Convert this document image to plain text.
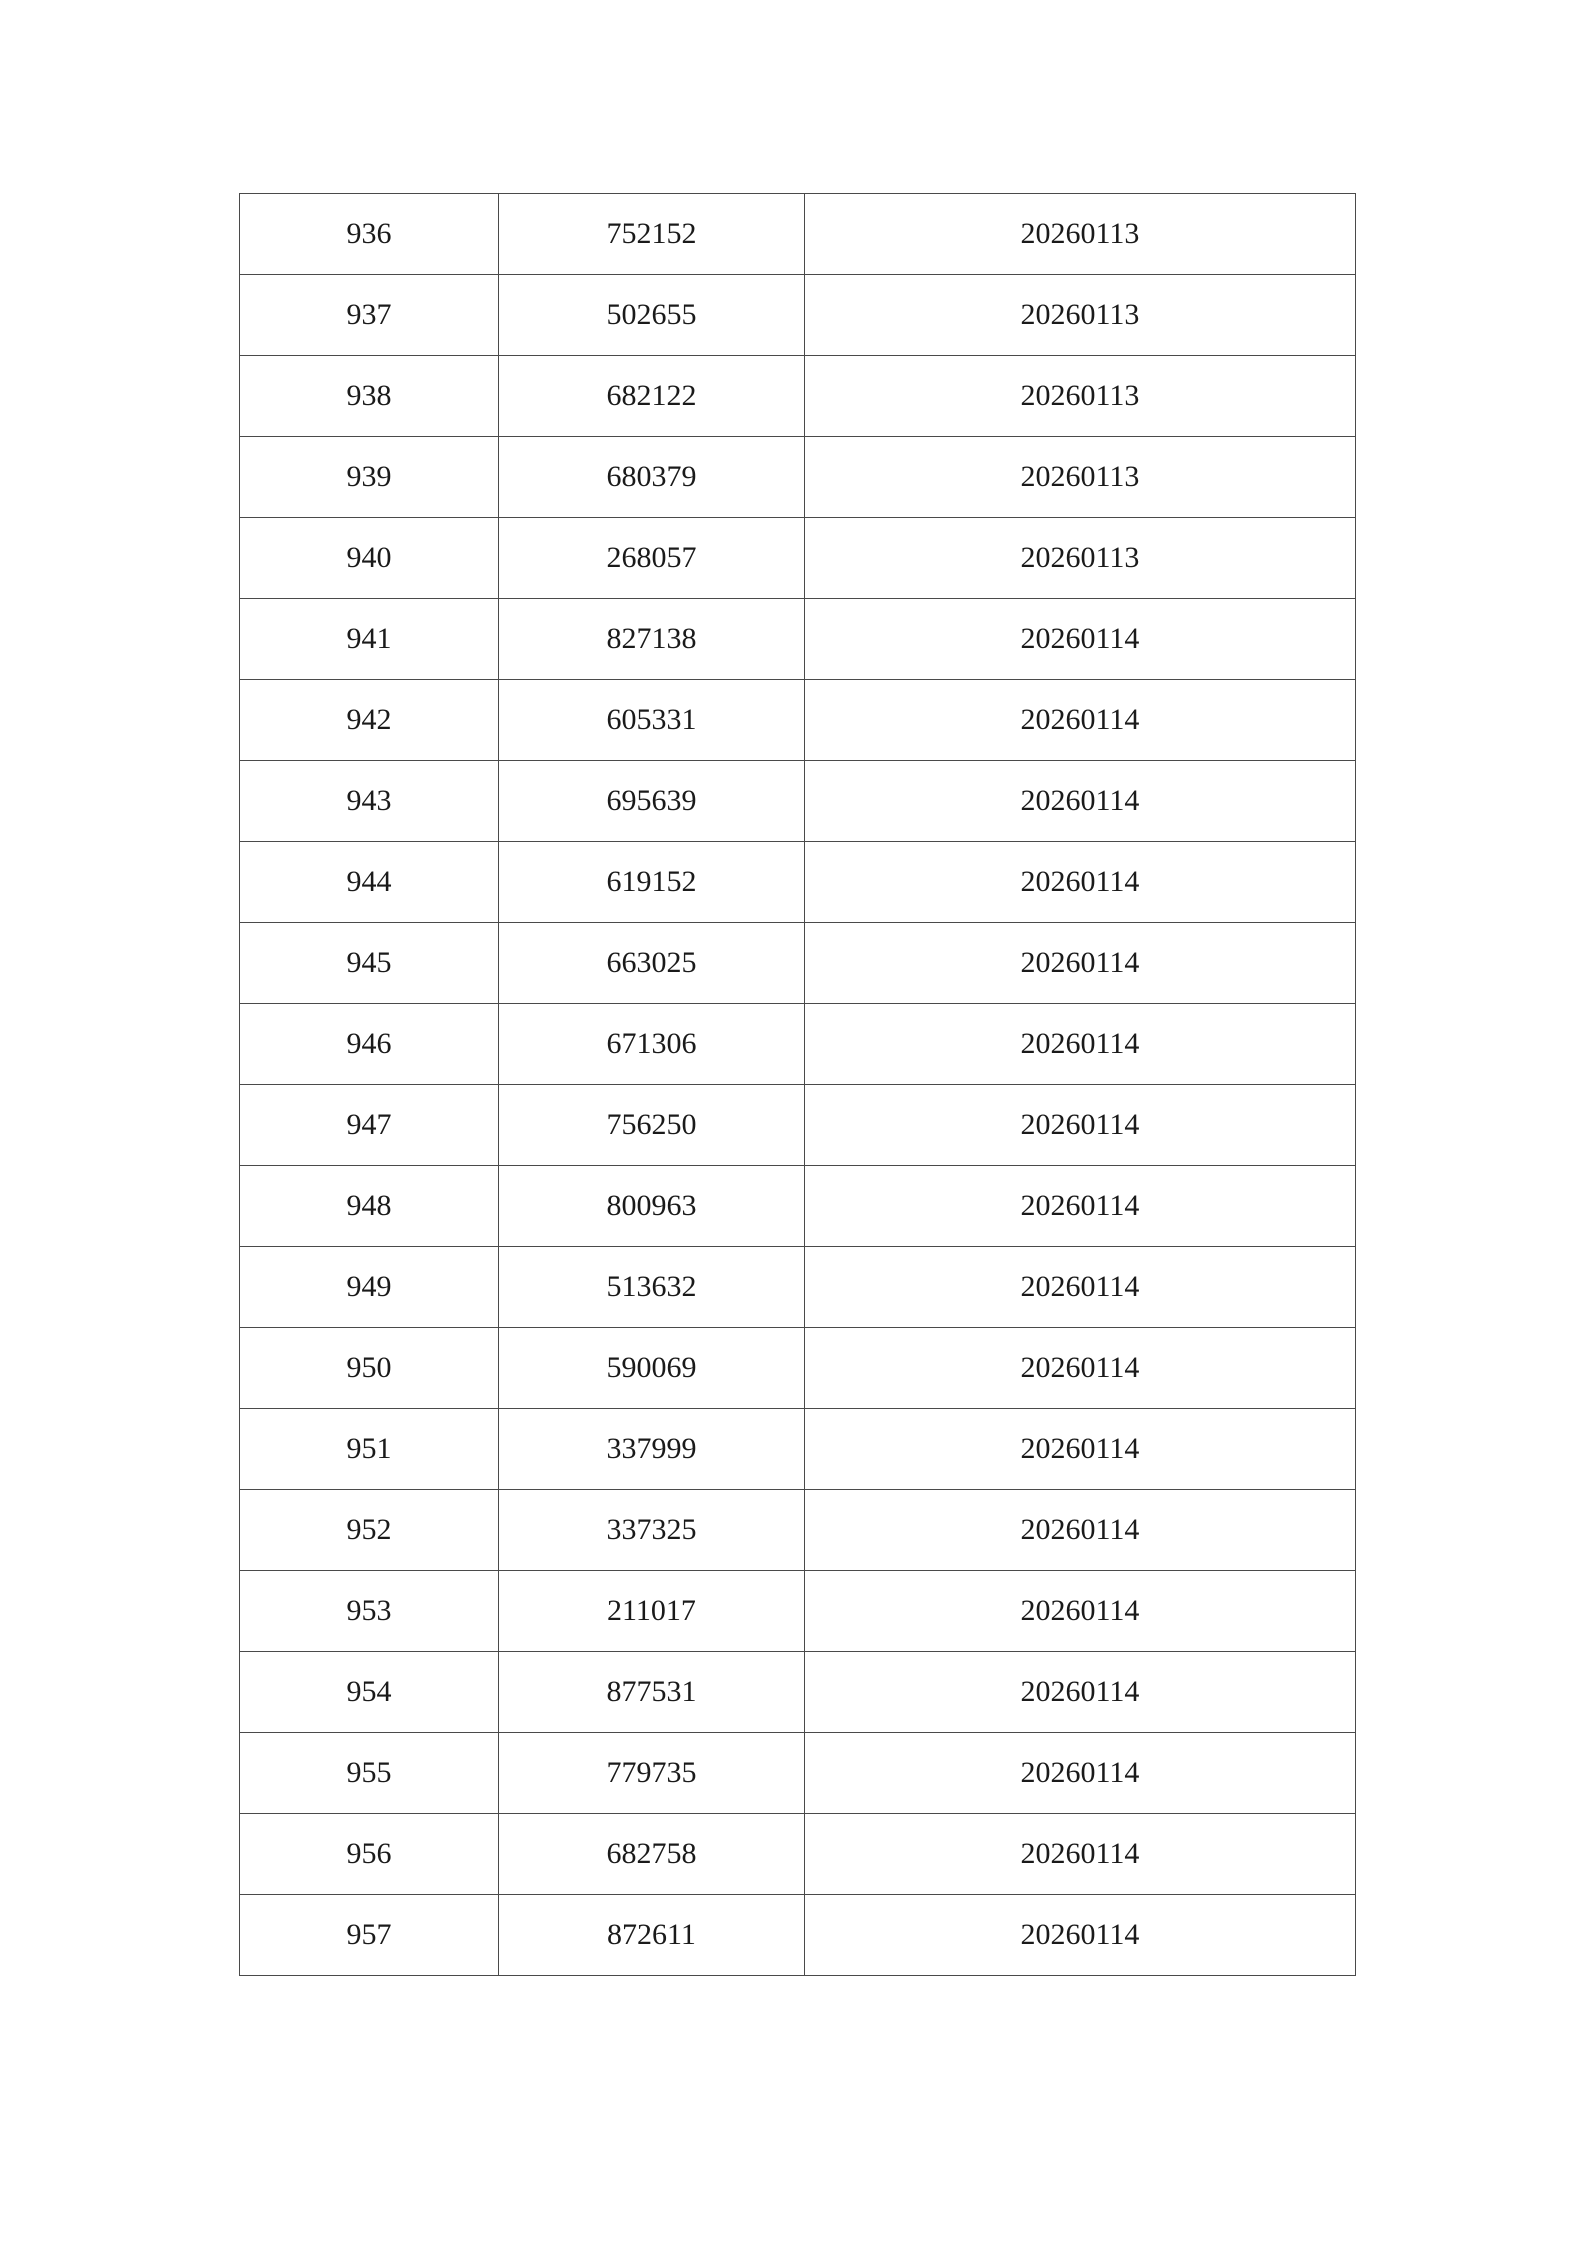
936	752152	20260113
937	502655	20260113
938	682122	20260113
939	680379	20260113
940	268057	20260113
941	827138	20260114
942	605331	20260114
943	695639	20260114
944	619152	20260114
945	663025	20260114
946	671306	20260114
947	756250	20260114
948	800963	20260114
949	513632	20260114
950	590069	20260114
951	337999	20260114
952	337325	20260114
953	211017	20260114
954	877531	20260114
955	779735	20260114
956	682758	20260114
957	872611	20260114
